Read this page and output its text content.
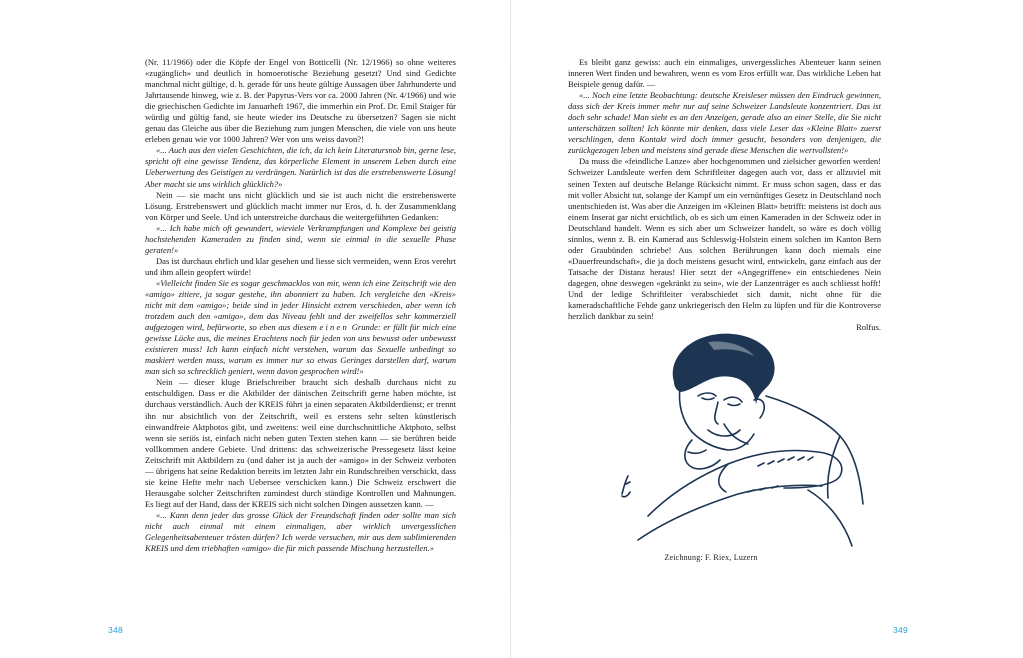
(Nr. 11/1966) oder die Köpfe der Engel von Botticelli (Nr. 12/1966) so ohne weiteres «zugänglich» und deutlich in homoerotische Beziehung gesetzt? Und sind Gedichte manchmal nicht gültige, d. h. gerade für uns heute gültige Aussagen über Jahrhunderte und Jahrtausende hinweg, wie z. B. der Papyrus-Vers vor ca. 2000 Jahren (Nr. 4/1966) und wie die griechischen Gedichte im Januarheft 1967, die immerhin ein Prof. Dr. Emil Staiger für würdig und gültig fand, sie heute wieder ins Deutsche zu übersetzen? Sagen sie nicht genau das Gleiche aus über die Beziehung zum jungen Menschen, die viele von uns heute erleben genau wie vor 1000 Jahren? Wer von uns weiss davon?!

«... Auch aus den vielen Geschichten, die ich, da ich kein Literatursnob bin, gerne lese, spricht oft eine gewisse Tendenz, das körperliche Element in unserem Leben durch eine Ueberwertung des Geistigen zu verdrängen. Natürlich ist das die erstrebenswerte Lösung! Aber macht sie uns wirklich glücklich?»

Nein — sie macht uns nicht glücklich und sie ist auch nicht die erstrebenswerte Lösung. Erstrebenswert und glücklich macht immer nur Eros, d. h. der Zusammenklang von Körper und Seele. Und ich unterstreiche durchaus die weitergeführten Gedanken:

«... Ich habe mich oft gewundert, wieviele Verkrampfungen und Komplexe bei geistig hochstehenden Kameraden zu finden sind, wenn sie einmal in die sexuelle Phase geraten!»

Das ist durchaus ehrlich und klar gesehen und liesse sich vermeiden, wenn Eros verehrt und ihm allein geopfert würde!

«Vielleicht finden Sie es sogar geschmacklos von mir, wenn ich eine Zeitschrift wie den «amigo» zitiere, ja sogar gestehe, ihn abonniert zu haben. Ich vergleiche den «Kreis» nicht mit dem «amigo»; beide sind in jeder Hinsicht extrem verschieden, aber wenn ich trotzdem auch den «amigo», dem das Niveau fehlt und der zweifellos sehr kommerziell aufgezogen wird, befürworte, so eben aus diesem einen Grunde: er füllt für mich eine gewisse Lücke aus, die meines Erachtens noch für jeden von uns bewusst oder unbewusst existieren muss! Ich kann einfach nicht verstehen, warum das Sexuelle unbedingt so maskiert werden muss, warum es immer nur so etwas Geringes darstellen darf, warum man sich so schrecklich geniert, wenn davon gesprochen wird!»

Nein — dieser kluge Briefschreiber braucht sich deshalb durchaus nicht zu entschuldigen. Dass er die Aktbilder der dänischen Zeitschrift gerne haben möchte, ist durchaus verständlich. Auch der KREIS führt ja einen separaten Aktbilderdienst; er trennt ihn nur absichtlich von der Zeitschrift, weil es erstens sehr selten künstlerisch einwandfreie Aktphotos gibt, und zweitens: weil eine durchschnittliche Aktphoto, selbst wenn sie seriös ist, einfach nicht neben guten Texten stehen kann — sie berühren beide vollkommen andere Gebiete. Und drittens: das schweizerische Pressegesetz lässt keine Zeitschrift mit Aktbildern zu (und daher ist ja auch der «amigo» in der Schweiz verboten — übrigens hat seine Redaktion bereits im letzten Jahr ein Rundschreiben verschickt, dass sie keine Hefte mehr nach Uebersee verschicken kann.) Die Schweiz erschwert die Herausgabe solcher Zeitschriften zumindest durch ständige Kontrollen und Mahnungen. Es liegt auf der Hand, dass der KREIS sich nicht solchen Dingen aussetzen kann. —

«... Kann denn jeder das grosse Glück der Freundschaft finden oder sollte man sich nicht auch einmal mit einem einmaligen, aber wirklich unvergesslichen Gelegenheitsabenteuer trösten dürfen? Ich werde versuchen, mir aus dem sublimierenden KREIS und dem triebhaften «amigo» die für mich passende Mischung herzustellen.»

348

Es bleibt ganz gewiss: auch ein einmaliges, unvergessliches Abenteuer kann seinen inneren Wert finden und bewahren, wenn es vom Eros erfüllt war. Das wirkliche Leben hat Beispiele genug dafür. —

«... Noch eine letzte Beobachtung: deutsche Kreisleser müssen den Eindruck gewinnen, dass sich der Kreis immer mehr nur auf seine Schweizer Landsleute konzentriert. Das ist doch sehr schade! Man sieht es an den Anzeigen, gerade also an einer Stelle, die Sie nicht unterschätzen sollten! Ich könnte mir denken, dass viele Leser das «Kleine Blatt» zuerst verschlingen, denn Kontakt wird doch immer gesucht, besonders von denjenigen, die zurückgezogen leben und meistens sind gerade diese Menschen die wertvollsten!»

Da muss die «feindliche Lanze» aber hochgenommen und zielsicher geworfen werden! Schweizer Landsleute werfen dem Schriftleiter dagegen auch vor, dass er allzuviel mit seinen Texten auf deutsche Belange Rücksicht nimmt. Er muss schon sagen, dass er das mit voller Absicht tut, solange der Kampf um ein vernünftiges Gesetz in Deutschland noch unentschieden ist. Was aber die Anzeigen im «Kleinen Blatt» betrifft: meistens ist doch aus einem Inserat gar nicht ersichtlich, ob es sich um einen Kameraden in der Schweiz oder in Deutschland handelt. Wenn es sich aber um Schweizer handelt, so wäre es doch völlig sinnlos, wenn z. B. ein Kamerad aus Schleswig-Holstein einem solchen im Kanton Bern oder Graubünden schriebe! Aus solchen Berührungen kann doch niemals eine «Dauerfreundschaft», die ja doch meistens gesucht wird, entwickeln, ganz einfach aus der Tatsache der Distanz heraus! Hier setzt der «Angegriffene» ein entschiedenes Nein dagegen, ohne deswegen «gekränkt zu sein», wie der Lanzenträger es auch schliesst hofft! Und der ledige Schriftleiter verabschiedet sich damit, nicht ohne für die kameradschaftliche Fehde ganz unkriegerisch den Helm zu lüpfen und für die Kontroverse herzlich dankbar zu sein!

Rolfus.

Zeichnung: F. Riex, Luzern
349
